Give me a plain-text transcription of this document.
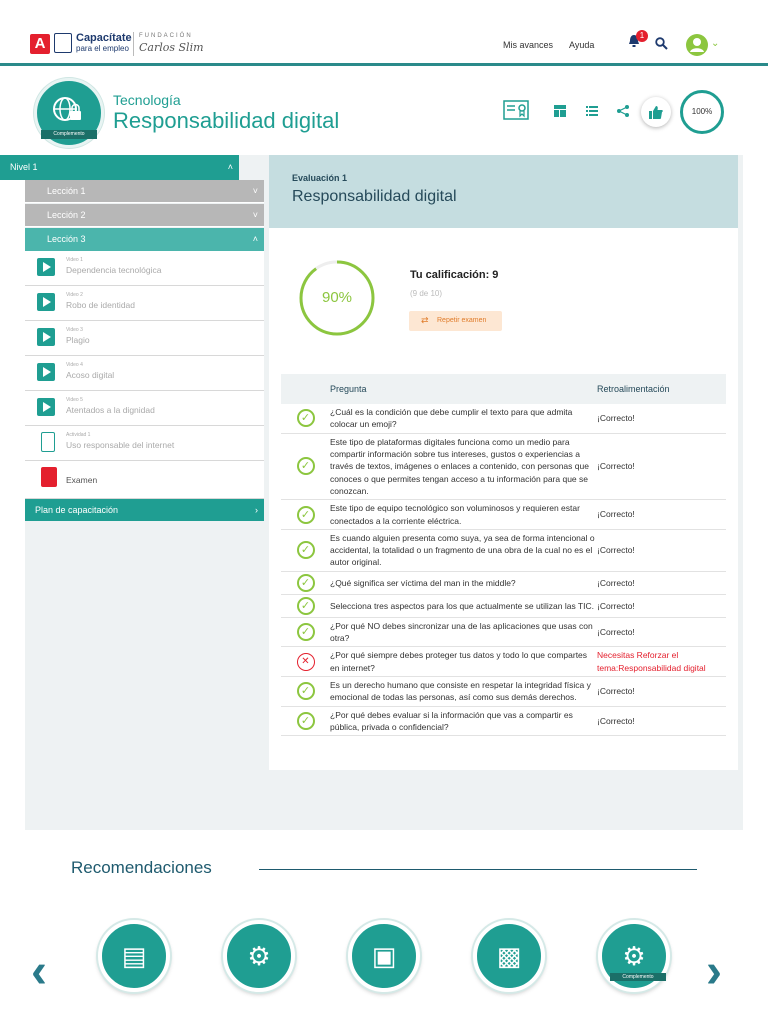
A	Capacítate
para el empleo
FUNDACIÓN
Carlos Slim	Mis avances Ayuda
1
⌄
Complemento
Tecnología
Responsabilidad digital	100%
Nivel 1	˄
Lección 1	˅
Lección 2	˅
Lección 3	˄
Video 1
Dependencia tecnológica
Video 2
Robo de identidad
Video 3
Plagio
Video 4
Acoso digital
Video 5
Atentados a la dignidad
Actividad 1
Uso responsable del internet
Examen
Plan de capacitación	›
Evaluación 1
Responsabilidad digital
90%
Tu calificación: 9
(9 de 10)
⇄ Repetir examen
	Pregunta	Retroalimentación
✓	¿Cuál es la condición que debe cumplir el texto para que admita colocar un emoji?	¡Correcto!
✓	Este tipo de plataformas digitales funciona como un medio para compartir información sobre tus intereses, gustos o experiencias a través de textos, imágenes o enlaces a contenido, con personas que conoces o que permites tengan acceso a tu información para que se conozcan.	¡Correcto!
✓	Este tipo de equipo tecnológico son voluminosos y requieren estar conectados a la corriente eléctrica.	¡Correcto!
✓	Es cuando alguien presenta como suya, ya sea de forma intencional o accidental, la totalidad o un fragmento de una obra de la cual no es el autor original.	¡Correcto!
✓	¿Qué significa ser víctima del man in the middle?	¡Correcto!
✓	Selecciona tres aspectos para los que actualmente se utilizan las TIC.	¡Correcto!
✓	¿Por qué NO debes sincronizar una de las aplicaciones que usas con otra?	¡Correcto!
✕	¿Por qué siempre debes proteger tus datos y todo lo que compartes en internet?	Necesitas Reforzar el tema:Responsabilidad digital
✓	Es un derecho humano que consiste en respetar la integridad física y emocional de todas las personas, así como sus demás derechos.	¡Correcto!
✓	¿Por qué debes evaluar si la información que vas a compartir es pública, privada o confidencial?	¡Correcto!
Recomendaciones
‹	›
▤	⚙	▣	▩	⚙
Complemento
